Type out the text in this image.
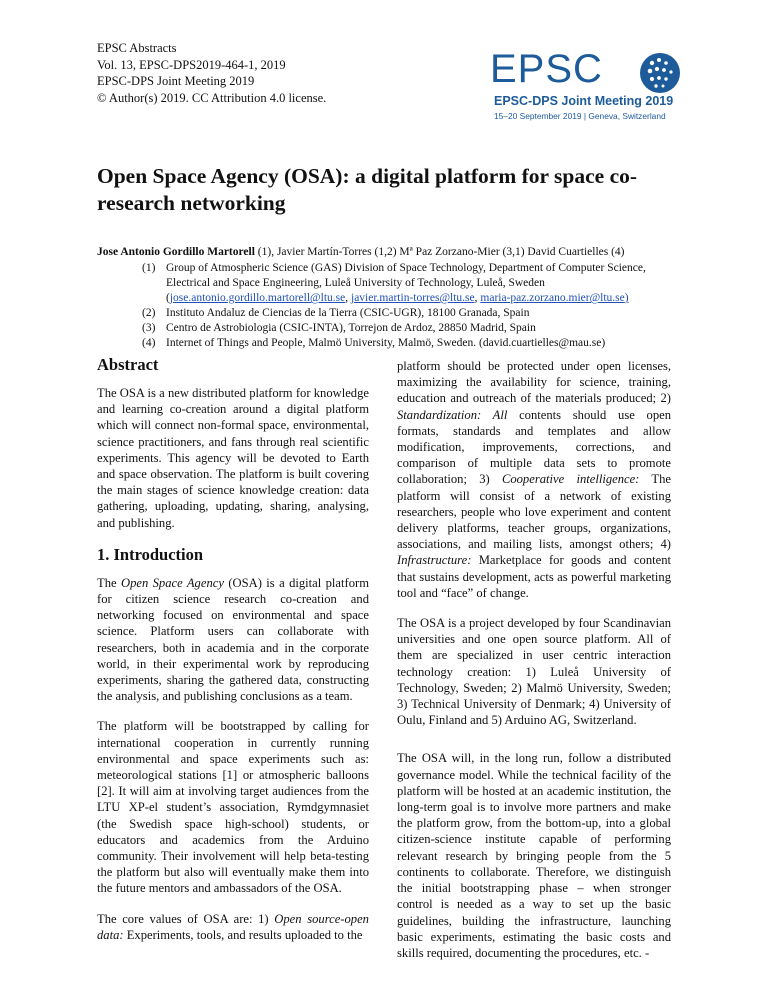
EPSC Abstracts
Vol. 13, EPSC-DPS2019-464-1, 2019
EPSC-DPS Joint Meeting 2019
© Author(s) 2019. CC Attribution 4.0 license.
EPSC
EPSC-DPS Joint Meeting 2019
15–20 September 2019 | Geneva, Switzerland
Open Space Agency (OSA): a digital platform for space co-research networking
Jose Antonio Gordillo Martorell (1), Javier Martín-Torres (1,2) Mª Paz Zorzano-Mier (3,1) David Cuartielles (4)
(1) Group of Atmospheric Science (GAS) Division of Space Technology, Department of Computer Science,
Electrical and Space Engineering, Luleå University of Technology, Luleå, Sweden
(jose.antonio.gordillo.martorell@ltu.se, javier.martin-torres@ltu.se, maria-paz.zorzano.mier@ltu.se)
(2) Instituto Andaluz de Ciencias de la Tierra (CSIC-UGR), 18100 Granada, Spain
(3) Centro de Astrobiologia (CSIC-INTA), Torrejon de Ardoz, 28850 Madrid, Spain
(4) Internet of Things and People, Malmö University, Malmö, Sweden. (david.cuartielles@mau.se)
Abstract

The OSA is a new distributed platform for knowledge and learning co-creation around a digital platform which will connect non-formal space, environmental, science practitioners, and fans through real scientific experiments. This agency will be devoted to Earth and space observation. The platform is built covering the main stages of science knowledge creation: data gathering, uploading, updating, sharing, analysing, and publishing.

1. Introduction

The Open Space Agency (OSA) is a digital platform for citizen science research co-creation and networking focused on environmental and space science. Platform users can collaborate with researchers, both in academia and in the corporate world, in their experimental work by reproducing experiments, sharing the gathered data, constructing the analysis, and publishing conclusions as a team.

The platform will be bootstrapped by calling for international cooperation in currently running environmental and space experiments such as: meteorological stations [1] or atmospheric balloons [2]. It will aim at involving target audiences from the LTU XP-el student’s association, Rymdgymnasiet (the Swedish space high-school) students, or educators and academics from the Arduino community. Their involvement will help beta-testing the platform but also will eventually make them into the future mentors and ambassadors of the OSA.

The core values of OSA are: 1) Open source-open data: Experiments, tools, and results uploaded to the

platform should be protected under open licenses, maximizing the availability for science, training, education and outreach of the materials produced; 2) Standardization: All contents should use open formats, standards and templates and allow modification, improvements, corrections, and comparison of multiple data sets to promote collaboration; 3) Cooperative intelligence: The platform will consist of a network of existing researchers, people who love experiment and content delivery platforms, teacher groups, organizations, associations, and mailing lists, amongst others; 4) Infrastructure: Marketplace for goods and content that sustains development, acts as powerful marketing tool and “face” of change.

The OSA is a project developed by four Scandinavian universities and one open source platform. All of them are specialized in user centric interaction technology creation: 1) Luleå University of Technology, Sweden; 2) Malmö University, Sweden; 3) Technical University of Denmark; 4) University of Oulu, Finland and 5) Arduino AG, Switzerland.

The OSA will, in the long run, follow a distributed governance model. While the technical facility of the platform will be hosted at an academic institution, the long-term goal is to involve more partners and make the platform grow, from the bottom-up, into a global citizen-science institute capable of performing relevant research by bringing people from the 5 continents to collaborate. Therefore, we distinguish the initial bootstrapping phase – when stronger control is needed as a way to set up the basic guidelines, building the infrastructure, launching basic experiments, estimating the basic costs and skills required, documenting the procedures, etc. -
